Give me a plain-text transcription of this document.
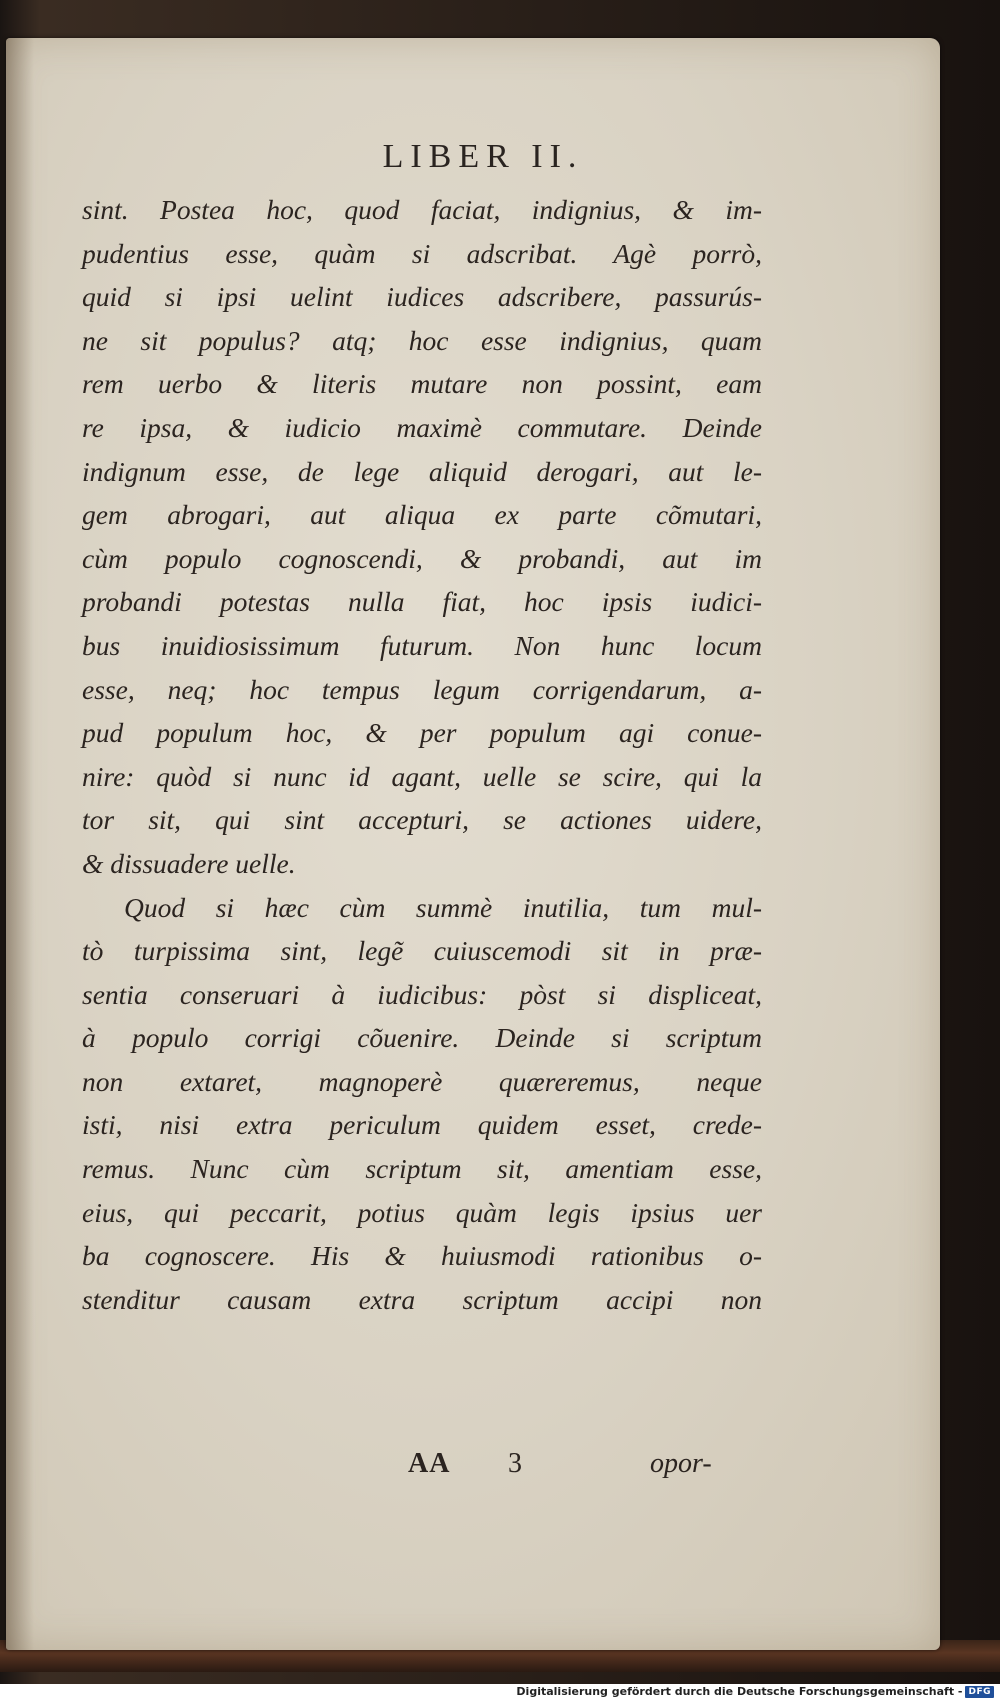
LIBER II.
sint. Postea hoc, quod faciat, indignius, & im-
pudentius esse, quàm si adscribat. Agè porrò,
quid si ipsi uelint iudices adscribere, passurús-
ne sit populus? atq; hoc esse indignius, quam
rem uerbo & literis mutare non possint, eam
re ipsa, & iudicio maximè commutare. Deinde
indignum esse, de lege aliquid derogari, aut le-
gem abrogari, aut aliqua ex parte cõmutari,
cùm populo cognoscendi, & probandi, aut im
probandi potestas nulla fiat, hoc ipsis iudici-
bus inuidiosissimum futurum. Non hunc locum
esse, neq; hoc tempus legum corrigendarum, a-
pud populum hoc, & per populum agi conue-
nire: quòd si nunc id agant, uelle se scire, qui la
tor sit, qui sint accepturi, se actiones uidere,
& dissuadere uelle.
Quod si hæc cùm summè inutilia, tum mul-
tò turpissima sint, legẽ cuiuscemodi sit in præ-
sentia conseruari à iudicibus: pòst si displiceat,
à populo corrigi cõuenire. Deinde si scriptum
non extaret, magnoperè quæreremus, neque
isti, nisi extra periculum quidem esset, crede-
remus. Nunc cùm scriptum sit, amentiam esse,
eius, qui peccarit, potius quàm legis ipsius uer
ba cognoscere. His & huiusmodi rationibus o-
stenditur causam extra scriptum accipi non
AA 3	opor-
Digitalisierung gefördert durch die Deutsche Forschungsgemeinschaft - DFG
